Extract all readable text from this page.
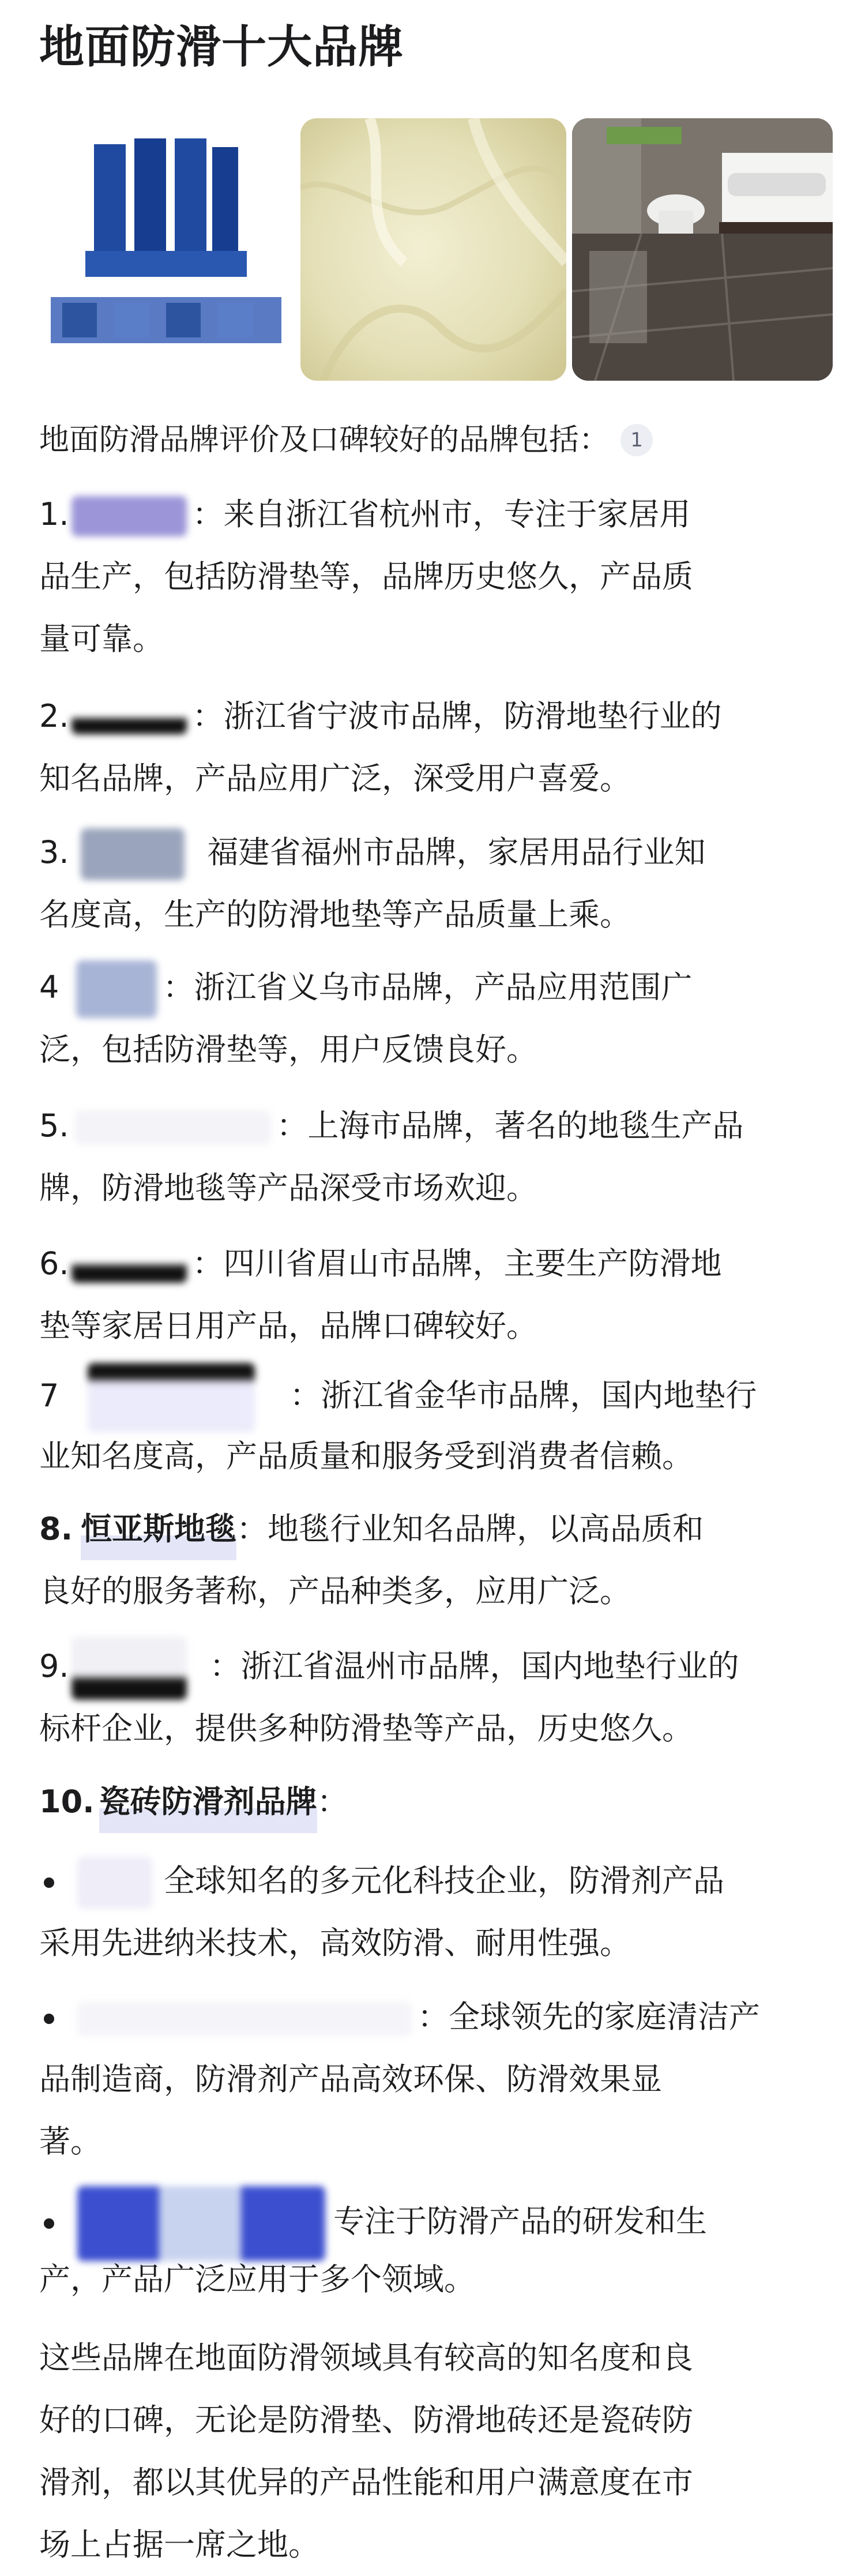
地面防滑十大品牌
地面防滑品牌评价及口碑较好的品牌包括： 1
1.	：来自浙江省杭州市，专注于家居用
品生产，包括防滑垫等，品牌历史悠久，产品质
量可靠。
2.	：浙江省宁波市品牌，防滑地垫行业的
知名品牌，产品应用广泛，深受用户喜爱。
3.	福建省福州市品牌，家居用品行业知
名度高，生产的防滑地垫等产品质量上乘。
4	：浙江省义乌市品牌，产品应用范围广
泛，包括防滑垫等，用户反馈良好。
5.	：上海市品牌，著名的地毯生产品
牌，防滑地毯等产品深受市场欢迎。
6.	：四川省眉山市品牌，主要生产防滑地
垫等家居日用产品，品牌口碑较好。
7	：浙江省金华市品牌，国内地垫行
业知名度高，产品质量和服务受到消费者信赖。
8. 恒亚斯地毯：地毯行业知名品牌，以高品质和
良好的服务著称，产品种类多，应用广泛。
9.	：浙江省温州市品牌，国内地垫行业的
标杆企业，提供多种防滑垫等产品，历史悠久。
10. 瓷砖防滑剂品牌：
全球知名的多元化科技企业，防滑剂产品
采用先进纳米技术，高效防滑、耐用性强。
：全球领先的家庭清洁产
品制造商，防滑剂产品高效环保、防滑效果显
著。
专注于防滑产品的研发和生
产，产品广泛应用于多个领域。
这些品牌在地面防滑领域具有较高的知名度和良
好的口碑，无论是防滑垫、防滑地砖还是瓷砖防
滑剂，都以其优异的产品性能和用户满意度在市
场上占据一席之地。
